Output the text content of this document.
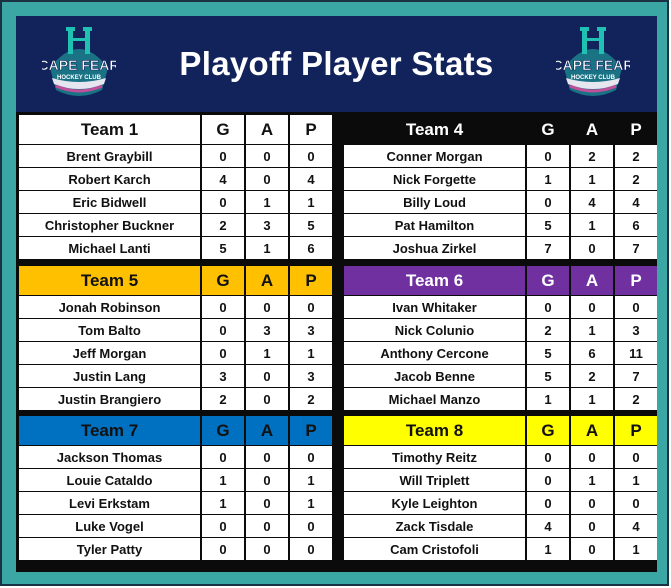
CAPE FEAR
HOCKEY CLUB	Playoff Player Stats	CAPE FEAR
HOCKEY CLUB
Team 1	G	A	P
Brent Graybill	0	0	0
Robert Karch	4	0	4
Eric Bidwell	0	1	1
Christopher Buckner	2	3	5
Michael Lanti	5	1	6
Team 4	G	A	P
Conner Morgan	0	2	2
Nick Forgette	1	1	2
Billy Loud	0	4	4
Pat Hamilton	5	1	6
Joshua Zirkel	7	0	7
Team 5	G	A	P
Jonah Robinson	0	0	0
Tom Balto	0	3	3
Jeff Morgan	0	1	1
Justin Lang	3	0	3
Justin Brangiero	2	0	2
Team 6	G	A	P
Ivan Whitaker	0	0	0
Nick Colunio	2	1	3
Anthony Cercone	5	6	11
Jacob Benne	5	2	7
Michael Manzo	1	1	2
Team 7	G	A	P
Jackson Thomas	0	0	0
Louie Cataldo	1	0	1
Levi Erkstam	1	0	1
Luke Vogel	0	0	0
Tyler Patty	0	0	0
Team 8	G	A	P
Timothy Reitz	0	0	0
Will Triplett	0	1	1
Kyle Leighton	0	0	0
Zack Tisdale	4	0	4
Cam Cristofoli	1	0	1
